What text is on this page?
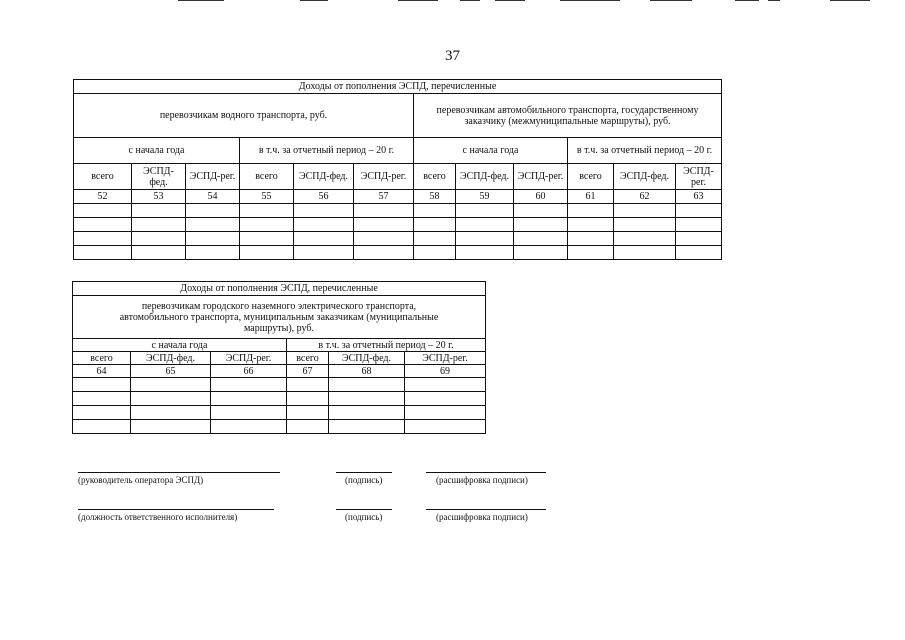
37
Доходы от пополнения ЭСПД, перечисленные											
перевозчикам водного транспорта, руб.						перевозчикам автомобильного транспорта, государственному заказчику (межмуниципальные маршруты), руб.					
с начала года			в т.ч. за отчетный период – 20 г.			с начала года			в т.ч. за отчетный период – 20 г.		
всего	ЭСПД-фед.	ЭСПД-рег.	всего	ЭСПД-фед.	ЭСПД-рег.	всего	ЭСПД-фед.	ЭСПД-рег.	всего	ЭСПД-фед.	ЭСПД-рег.
52	53	54	55	56	57	58	59	60	61	62	63

Доходы от пополнения ЭСПД, перечисленные					
перевозчикам городского наземного электрического транспорта, автомобильного транспорта, муниципальным заказчикам (муниципальные маршруты), руб.					
с начала года			в т.ч. за отчетный период – 20 г.		
всего	ЭСПД-фед.	ЭСПД-рег.	всего	ЭСПД-фед.	ЭСПД-рег.
64	65	66	67	68	69

(руководитель оператора ЭСПД)	(подпись)	(расшифровка подписи)
(должность ответственного исполнителя)	(подпись)	(расшифровка подписи)
